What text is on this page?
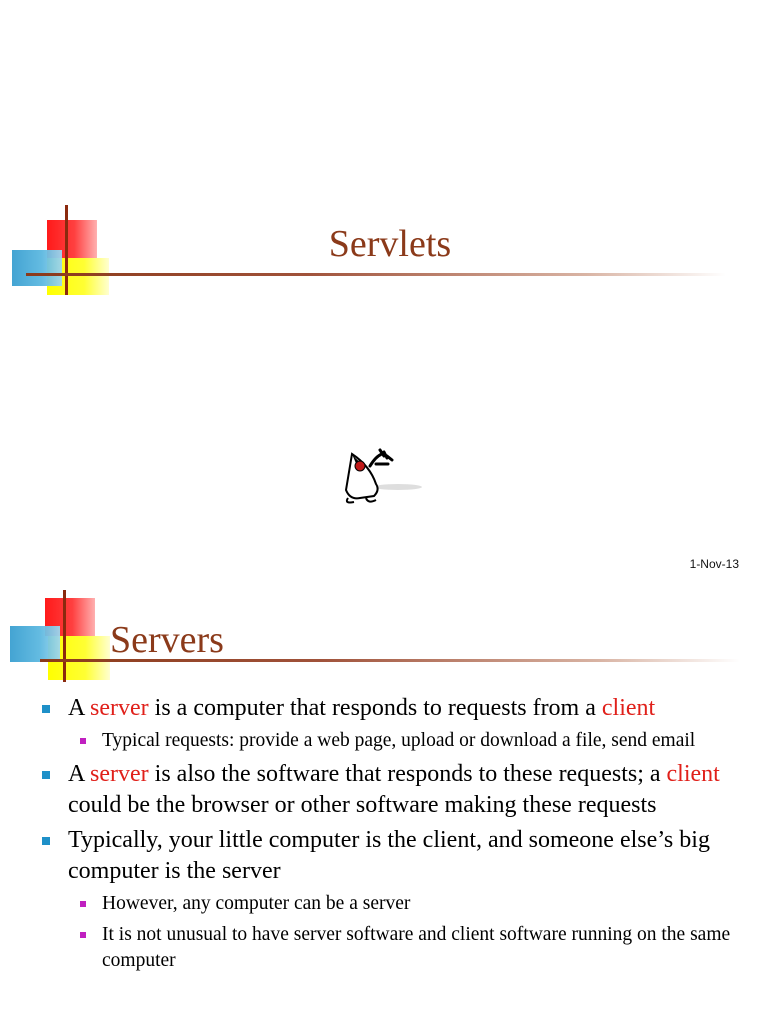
Servlets
1-Nov-13
Servers
A server is a computer that responds to requests from a client
Typical requests: provide a web page, upload or download a file, send email
A server is also the software that responds to these requests; a client could be the browser or other software making these requests
Typically, your little computer is the client, and someone else’s big computer is the server
However, any computer can be a server
It is not unusual to have server software and client software running on the same computer
